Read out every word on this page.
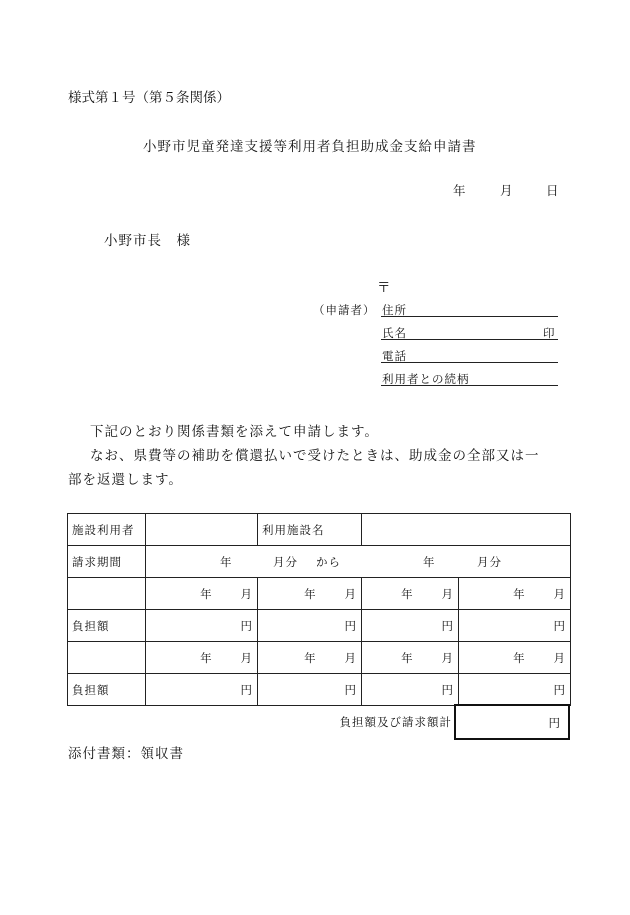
様式第１号（第５条関係）
小野市児童発達支援等利用者負担助成金支給申請書
年	月	日
小野市長　様
〒
（申請者） 住所
氏名	印
電話
利用者との続柄
下記のとおり関係書類を添えて申請します。
なお、県費等の補助を償還払いで受けたときは、助成金の全部又は一
部を返還します。
施設利用者		利用施設名		
請求期間	年 月分 から 年 月分			

	年 月	年 月	年 月	年 月
負担額	円	円	円	円
	年 月	年 月	年 月	年 月
負担額	円	円	円	円
負担額及び請求額計	円
添付書類：領収書
